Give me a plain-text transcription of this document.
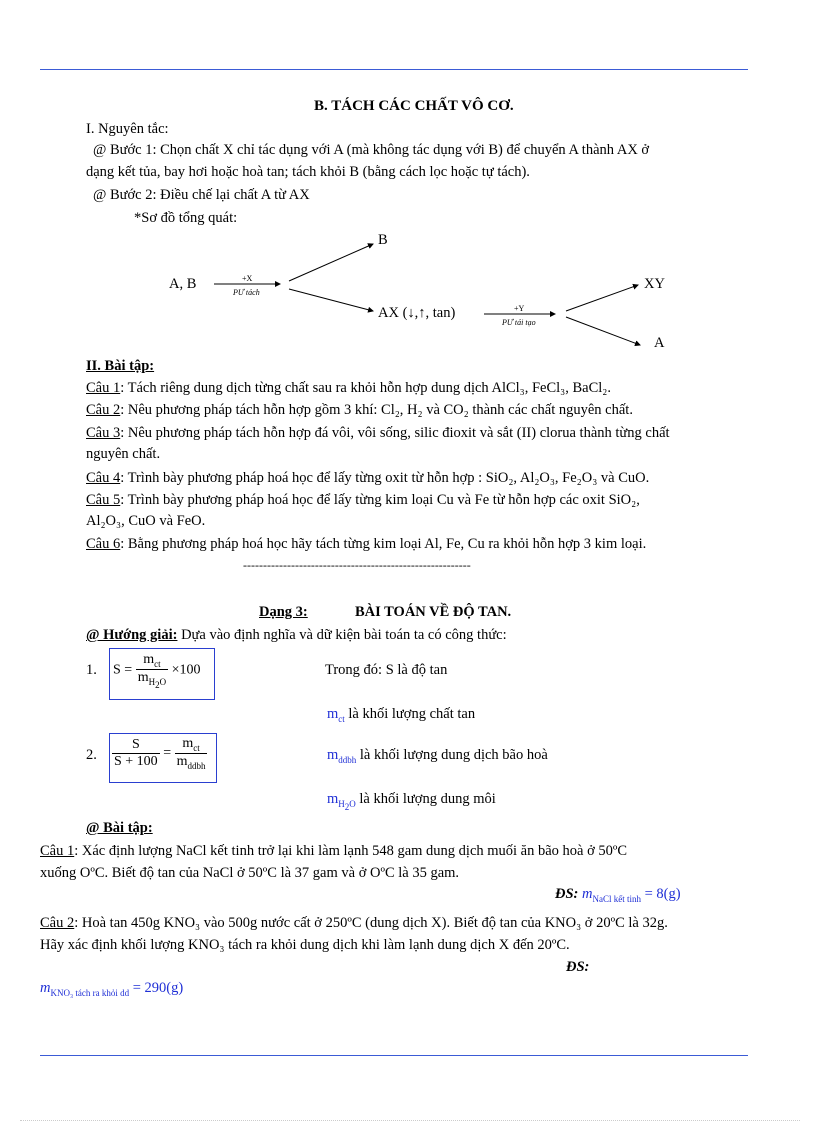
B. TÁCH CÁC CHẤT VÔ CƠ.
I. Nguyên tắc:
@ Bước 1: Chọn chất X chỉ tác dụng với A (mà không tác dụng với B) để chuyển A thành AX ở
dạng kết tủa, bay hơi hoặc hoà tan; tách khỏi B (bằng cách lọc hoặc tự tách).
@ Bước 2: Điều chế lại chất A từ AX
*Sơ đồ tổng quát:
A, B	+X
PƯ tách
B
AX (↓,↑, tan)	+Y
PƯ tái tạo
XY
A
II. Bài tập:
Câu 1: Tách riêng dung dịch từng chất sau ra khỏi hỗn hợp dung dịch AlCl₃, FeCl₃, BaCl₂.
Câu 2: Nêu phương pháp tách hỗn hợp gồm 3 khí: Cl₂, H₂ và CO₂ thành các chất nguyên chất.
Câu 3: Nêu phương pháp tách hỗn hợp đá vôi, vôi sống, silic đioxit và sắt (II) clorua thành từng chất
nguyên chất.
Câu 4: Trình bày phương pháp hoá học để lấy từng oxit từ hỗn hợp : SiO₂, Al₂O₃, Fe₂O₃ và CuO.
Câu 5: Trình bày phương pháp hoá học để lấy từng kim loại Cu và Fe từ hỗn hợp các oxit SiO₂,
Al₂O₃, CuO và FeO.
Câu 6: Bằng phương pháp hoá học hãy tách từng kim loại Al, Fe, Cu ra khỏi hỗn hợp 3 kim loại.
---------------------------------------------------------
Dạng 3:	BÀI TOÁN VỀ ĐỘ TAN.
@ Hướng giải: Dựa vào định nghĩa và dữ kiện bài toán ta có công thức:
1. $S = \frac{m_{ct}}{m_{H_2O}} \times 100$	Trong đó: S là độ tan
$m_{ct}$ là khối lượng chất tan
2. $\frac{S}{S + 100} = \frac{m_{ct}}{m_{ddbh}}$	$m_{ddbh}$ là khối lượng dung dịch bão hoà
$m_{H_2O}$ là khối lượng dung môi
@ Bài tập:
Câu 1: Xác định lượng NaCl kết tinh trở lại khi làm lạnh 548 gam dung dịch muối ăn bão hoà ở 50ºC
xuống OºC. Biết độ tan của NaCl ở 50ºC là 37 gam và ở OºC là 35 gam.
ĐS: $m_{NaCl kết tinh} = 8(g)$
Câu 2: Hoà tan 450g KNO₃ vào 500g nước cất ở 250ºC (dung dịch X). Biết độ tan của KNO₃ ở 20ºC là 32g.
Hãy xác định khối lượng KNO₃ tách ra khỏi dung dịch khi làm lạnh dung dịch X đến 20ºC.
ĐS:
$m_{KNO_3 tách ra khỏi dd} = 290(g)$
